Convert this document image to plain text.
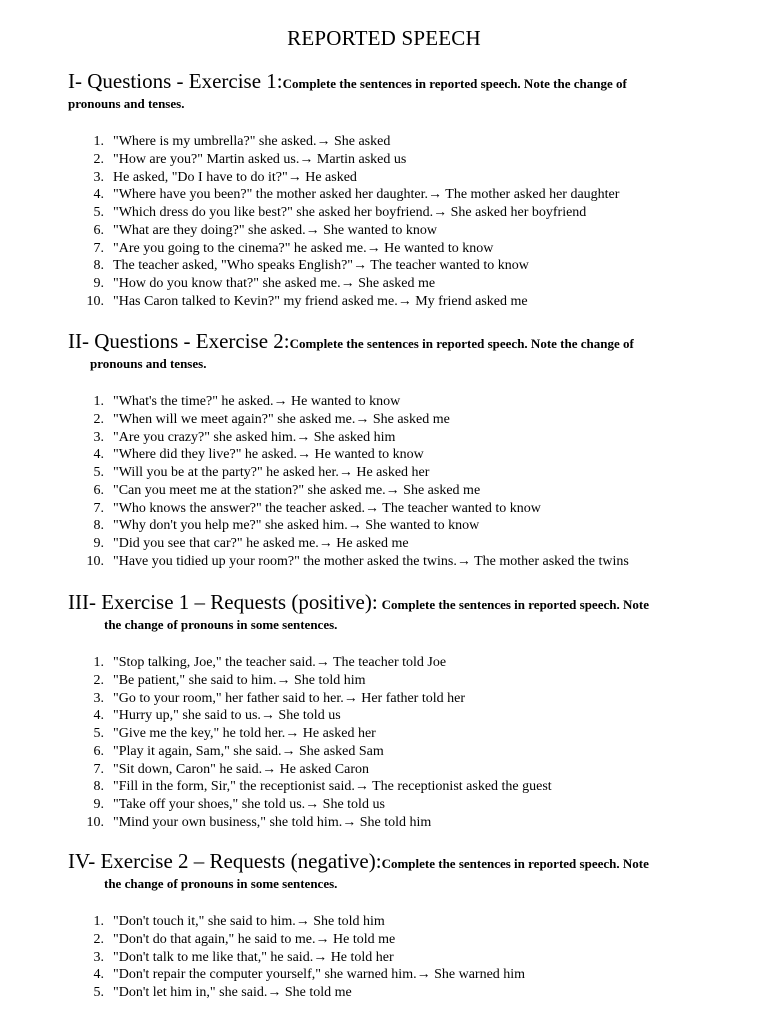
REPORTED SPEECH

I- Questions - Exercise 1:Complete the sentences in reported speech. Note the change of

pronouns and tenses.

1. "Where is my umbrella?" she asked.→ She asked
2. "How are you?" Martin asked us.→ Martin asked us
3. He asked, "Do I have to do it?"→ He asked
4. "Where have you been?" the mother asked her daughter.→ The mother asked her daughter
5. "Which dress do you like best?" she asked her boyfriend.→ She asked her boyfriend
6. "What are they doing?" she asked.→ She wanted to know
7. "Are you going to the cinema?" he asked me.→ He wanted to know
8. The teacher asked, "Who speaks English?"→ The teacher wanted to know
9. "How do you know that?" she asked me.→ She asked me
10. "Has Caron talked to Kevin?" my friend asked me.→ My friend asked me

II- Questions - Exercise 2:Complete the sentences in reported speech. Note the change of

pronouns and tenses.

1. "What's the time?" he asked.→ He wanted to know
2. "When will we meet again?" she asked me.→ She asked me
3. "Are you crazy?" she asked him.→ She asked him
4. "Where did they live?" he asked.→ He wanted to know
5. "Will you be at the party?" he asked her.→ He asked her
6. "Can you meet me at the station?" she asked me.→ She asked me
7. "Who knows the answer?" the teacher asked.→ The teacher wanted to know
8. "Why don't you help me?" she asked him.→ She wanted to know
9. "Did you see that car?" he asked me.→ He asked me
10. "Have you tidied up your room?" the mother asked the twins.→ The mother asked the twins

III- Exercise 1 – Requests (positive): Complete the sentences in reported speech. Note

the change of pronouns in some sentences.

1. "Stop talking, Joe," the teacher said.→ The teacher told Joe
2. "Be patient," she said to him.→ She told him
3. "Go to your room," her father said to her.→ Her father told her
4. "Hurry up," she said to us.→ She told us
5. "Give me the key," he told her.→ He asked her
6. "Play it again, Sam," she said.→ She asked Sam
7. "Sit down, Caron" he said.→ He asked Caron
8. "Fill in the form, Sir," the receptionist said.→ The receptionist asked the guest
9. "Take off your shoes," she told us.→ She told us
10. "Mind your own business," she told him.→ She told him

IV- Exercise 2 – Requests (negative):Complete the sentences in reported speech. Note

the change of pronouns in some sentences.

1. "Don't touch it," she said to him.→ She told him
2. "Don't do that again," he said to me.→ He told me
3. "Don't talk to me like that," he said.→ He told her
4. "Don't repair the computer yourself," she warned him.→ She warned him
5. "Don't let him in," she said.→ She told me
